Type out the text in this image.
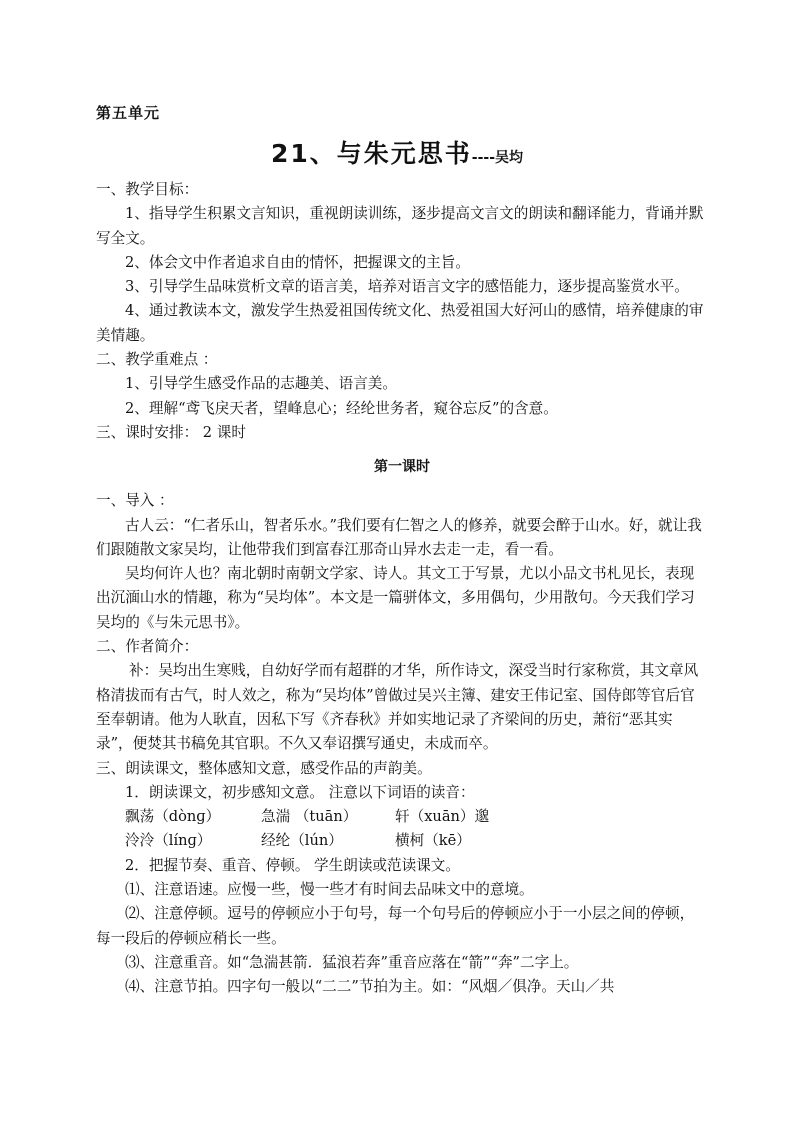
第五单元
21、与朱元思书----吴均

一、教学目标：

1、指导学生积累文言知识，重视朗读训练，逐步提高文言文的朗读和翻译能力，背诵并默写全文。

2、体会文中作者追求自由的情怀，把握课文的主旨。

3、引导学生品味赏析文章的语言美，培养对语言文字的感悟能力，逐步提高鉴赏水平。

4、通过教读本文，激发学生热爱祖国传统文化、热爱祖国大好河山的感情，培养健康的审美情趣。

二、教学重难点 ：

1、引导学生感受作品的志趣美、语言美。

2、理解“鸢飞戾天者，望峰息心；经纶世务者，窥谷忘反”的含意。

三、课时安排： 2 课时

第一课时

一、导入 ：

古人云：“仁者乐山，智者乐水。”我们要有仁智之人的修养，就要会醉于山水。好，就让我们跟随散文家吴均，让他带我们到富春江那奇山异水去走一走，看一看。

吴均何许人也？南北朝时南朝文学家、诗人。其文工于写景，尤以小品文书札见长，表现出沉湎山水的情趣，称为“吴均体”。本文是一篇骈体文，多用偶句，少用散句。今天我们学习吴均的《与朱元思书》。

二、作者简介：

补：吴均出生寒贱，自幼好学而有超群的才华，所作诗文，深受当时行家称赏，其文章风格清拔而有古气，时人效之，称为“吴均体”曾做过吴兴主簿、建安王伟记室、国侍郎等官后官至奉朝请。他为人耿直，因私下写《齐春秋》并如实地记录了齐梁间的历史，萧衍“恶其实录”，便焚其书稿免其官职。不久又奉诏撰写通史，未成而卒。

三、朗读课文，整体感知文意，感受作品的声韵美。

1．朗读课文，初步感知文意。 注意以下词语的读音：

飘荡（dònɡ）	急湍 （tuān）	轩（xuān）邈

泠泠（línɡ）	经纶（lún）	横柯（kē）

2．把握节奏、重音、停顿。 学生朗读或范读课文。

⑴、注意语速。应慢一些，慢一些才有时间去品味文中的意境。

⑵、注意停顿。逗号的停顿应小于句号，每一个句号后的停顿应小于一小层之间的停顿，每一段后的停顿应稍长一些。

⑶、注意重音。如“急湍甚箭．猛浪若奔”重音应落在“箭”“奔”二字上。

⑷、注意节拍。四字句一般以“二二”节拍为主。如：“风烟／俱净。天山／共
